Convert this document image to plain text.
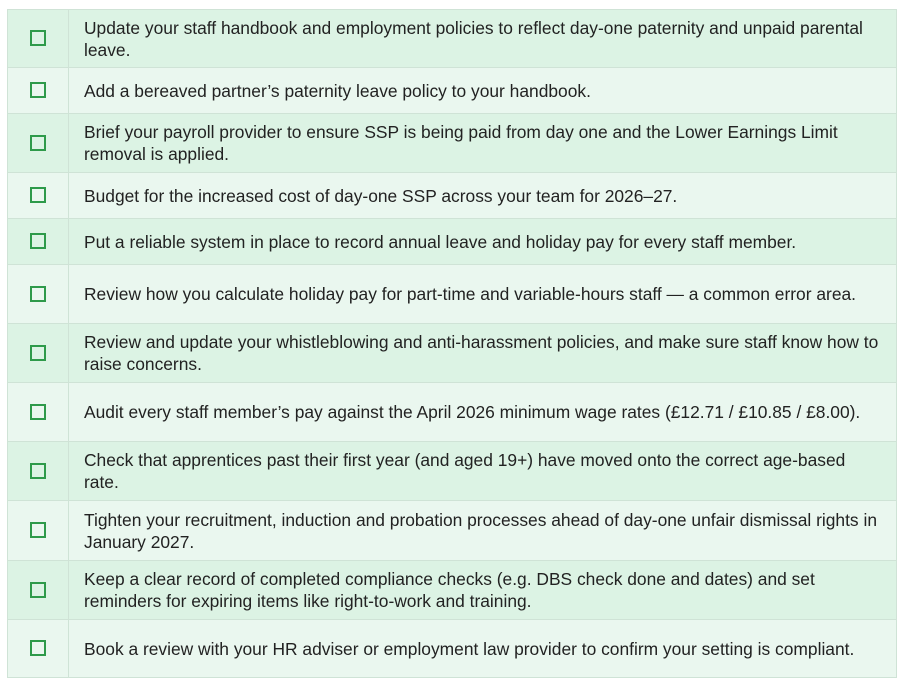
	Update your staff handbook and employment policies to reflect day-one paternity and unpaid parental leave.
	Add a bereaved partner’s paternity leave policy to your handbook.
	Brief your payroll provider to ensure SSP is being paid from day one and the Lower Earnings Limit removal is applied.
	Budget for the increased cost of day-one SSP across your team for 2026–27.
	Put a reliable system in place to record annual leave and holiday pay for every staff member.
	Review how you calculate holiday pay for part-time and variable-hours staff — a common error area.
	Review and update your whistleblowing and anti-harassment policies, and make sure staff know how to raise concerns.
	Audit every staff member’s pay against the April 2026 minimum wage rates (£12.71 / £10.85 / £8.00).
	Check that apprentices past their first year (and aged 19+) have moved onto the correct age-based rate.
	Tighten your recruitment, induction and probation processes ahead of day-one unfair dismissal rights in January 2027.
	Keep a clear record of completed compliance checks (e.g. DBS check done and dates) and set reminders for expiring items like right-to-work and training.
	Book a review with your HR adviser or employment law provider to confirm your setting is compliant.
